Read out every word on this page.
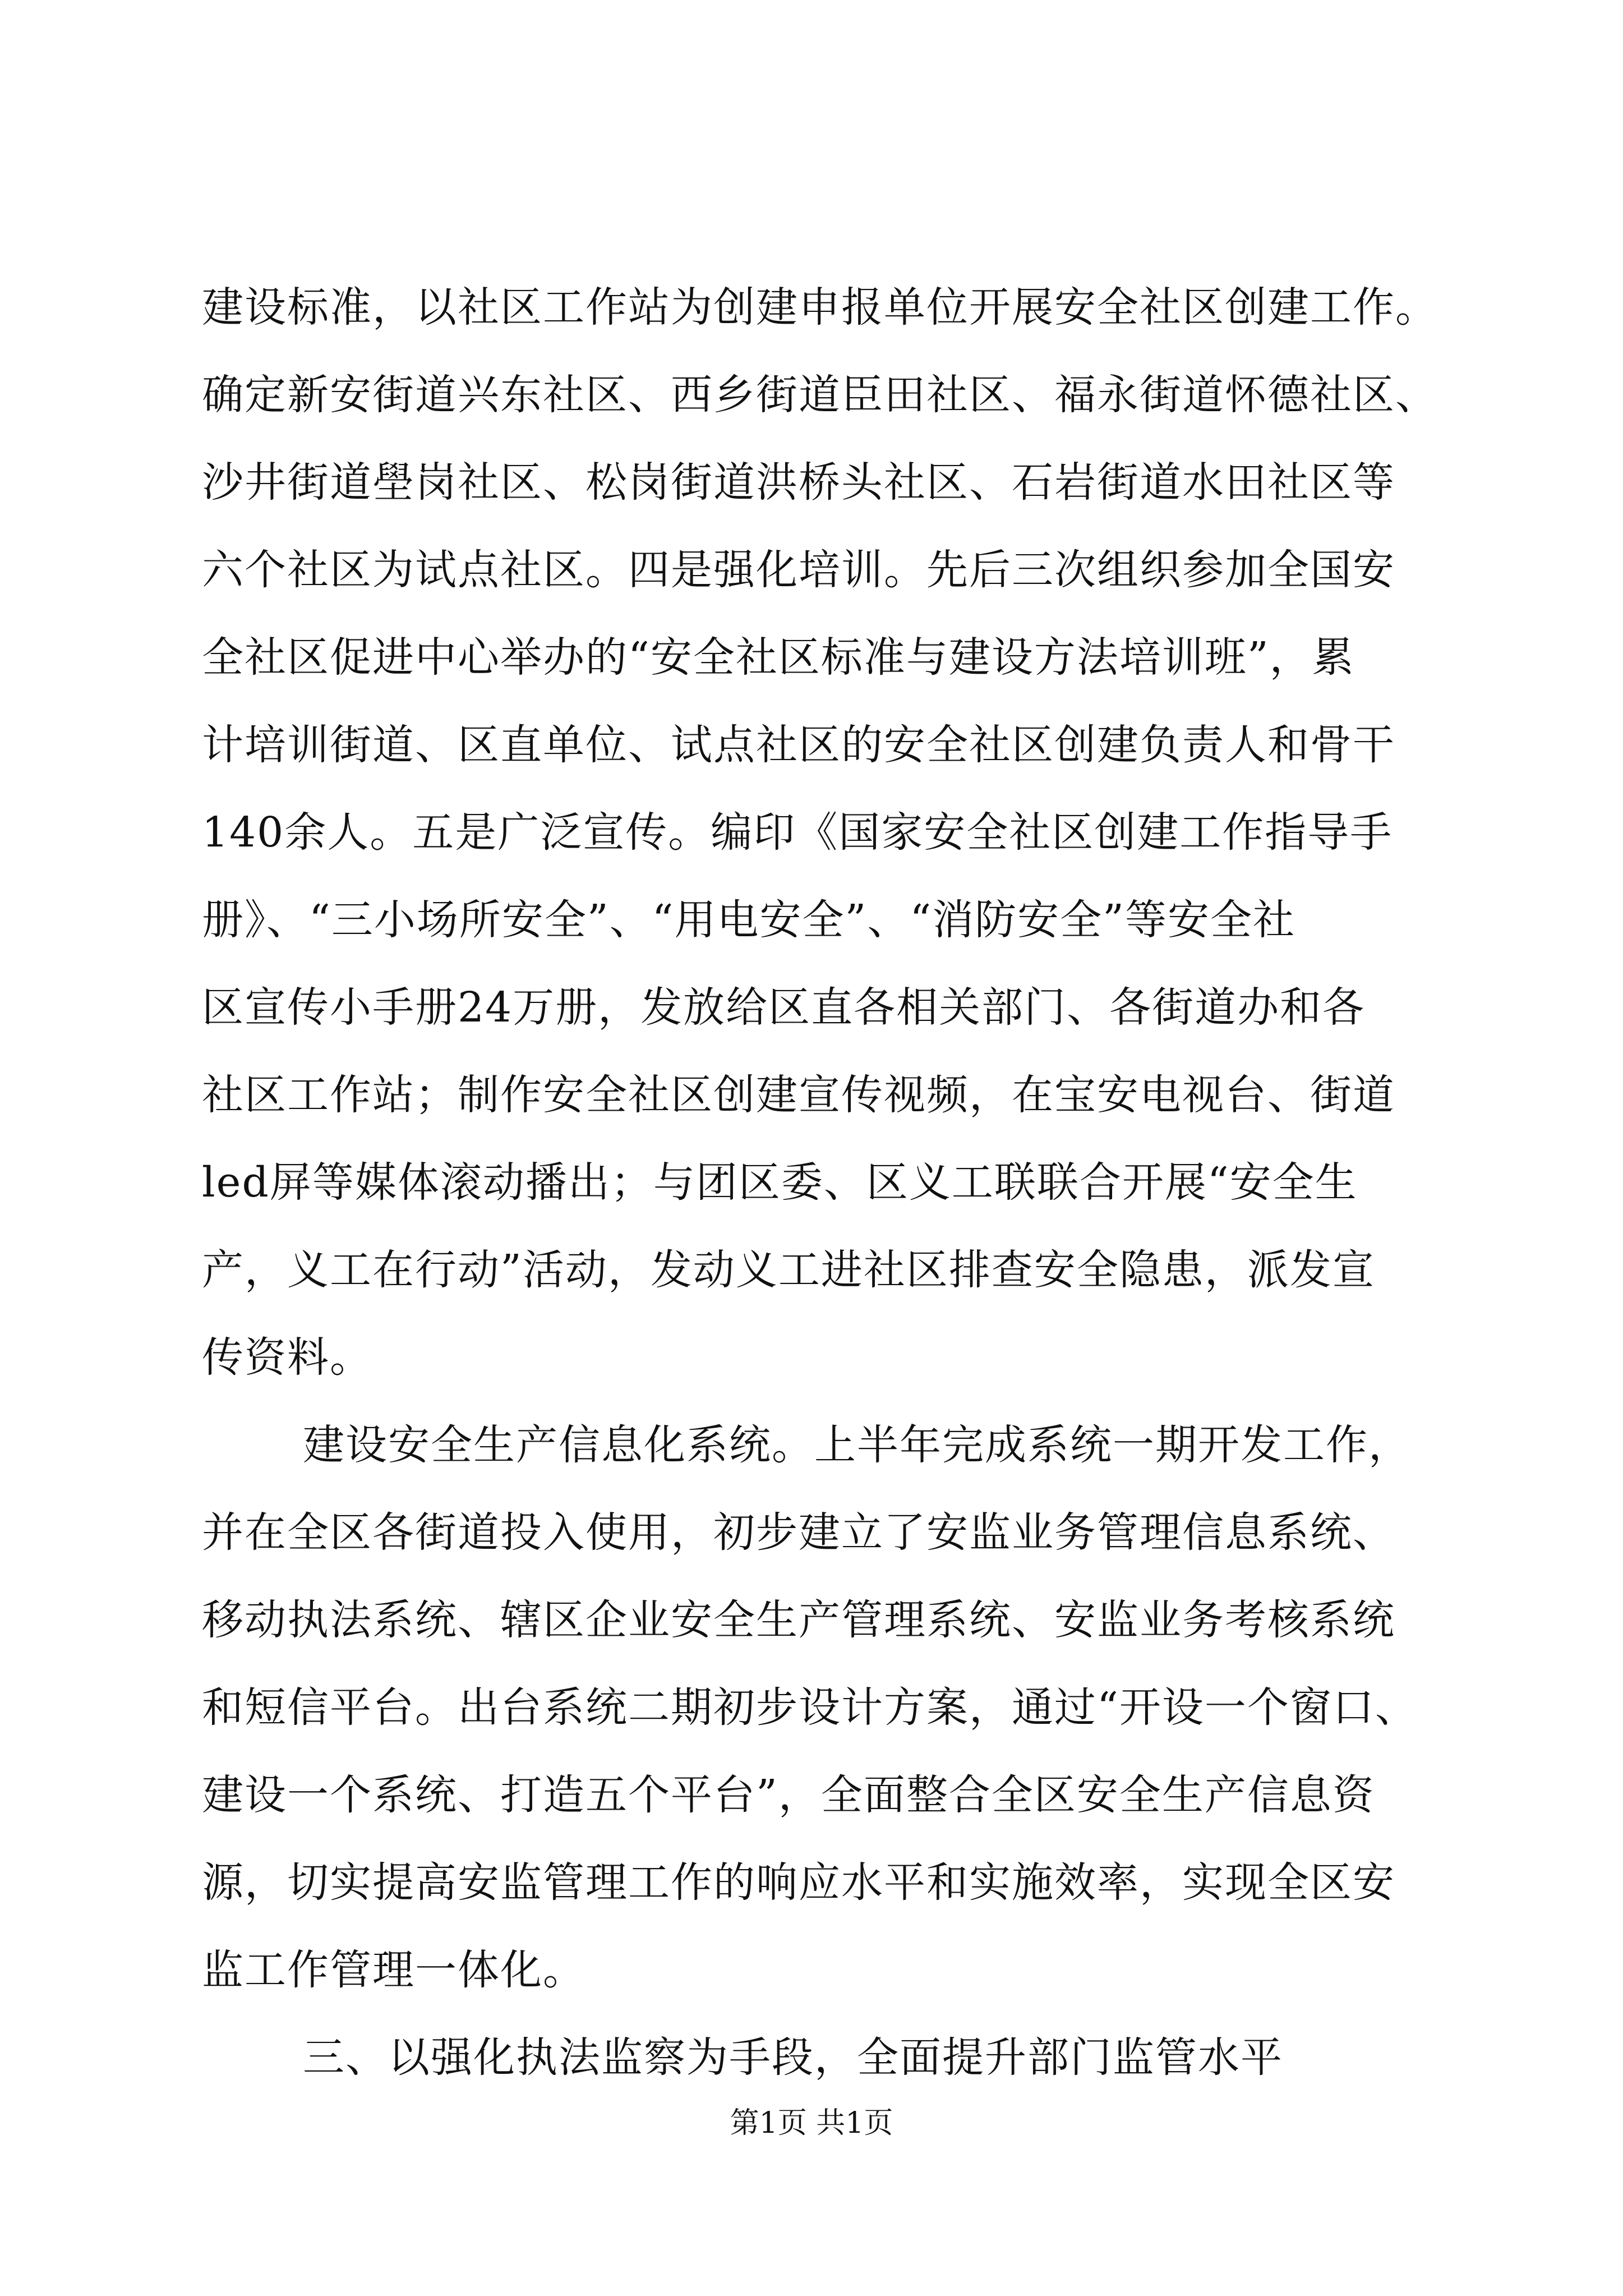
建设标准，以社区工作站为创建申报单位开展安全社区创建工作。
确定新安街道兴东社区、西乡街道臣田社区、福永街道怀德社区、
沙井街道壆岗社区、松岗街道洪桥头社区、石岩街道水田社区等
六个社区为试点社区。四是强化培训。先后三次组织参加全国安
全社区促进中心举办的“安全社区标准与建设方法培训班”，累
计培训街道、区直单位、试点社区的安全社区创建负责人和骨干
140余人。五是广泛宣传。编印《国家安全社区创建工作指导手
册》、“三小场所安全”、“用电安全”、“消防安全”等安全社
区宣传小手册24万册，发放给区直各相关部门、各街道办和各
社区工作站；制作安全社区创建宣传视频，在宝安电视台、街道
led屏等媒体滚动播出；与团区委、区义工联联合开展“安全生
产，义工在行动”活动，发动义工进社区排查安全隐患，派发宣
传资料。
建设安全生产信息化系统。上半年完成系统一期开发工作，
并在全区各街道投入使用，初步建立了安监业务管理信息系统、
移动执法系统、辖区企业安全生产管理系统、安监业务考核系统
和短信平台。出台系统二期初步设计方案，通过“开设一个窗口、
建设一个系统、打造五个平台”，全面整合全区安全生产信息资
源，切实提高安监管理工作的响应水平和实施效率，实现全区安
监工作管理一体化。
三、以强化执法监察为手段，全面提升部门监管水平
第1页 共1页
